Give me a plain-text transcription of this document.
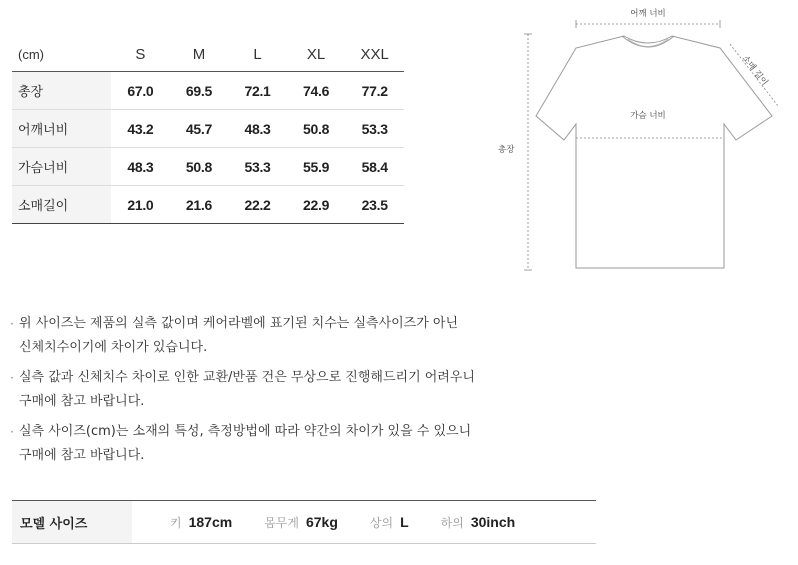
(cm)	S	M	L	XL	XXL
총장	67.0	69.5	72.1	74.6	77.2
어깨너비	43.2	45.7	48.3	50.8	53.3
가슴너비	48.3	50.8	53.3	55.9	58.4
소매길이	21.0	21.6	22.2	22.9	23.5
어깨 너비
총장
가슴 너비
소매 길이
· 위 사이즈는 제품의 실측 값이며 케어라벨에 표기된 치수는 실측사이즈가 아닌
신체치수이기에 차이가 있습니다.
· 실측 값과 신체치수 차이로 인한 교환/반품 건은 무상으로 진행해드리기 어려우니
구매에 참고 바랍니다.
· 실측 사이즈(cm)는 소재의 특성, 측정방법에 따라 약간의 차이가 있을 수 있으니
구매에 참고 바랍니다.
모델 사이즈	키 187cm	몸무게 67kg	상의 L	하의 30inch
